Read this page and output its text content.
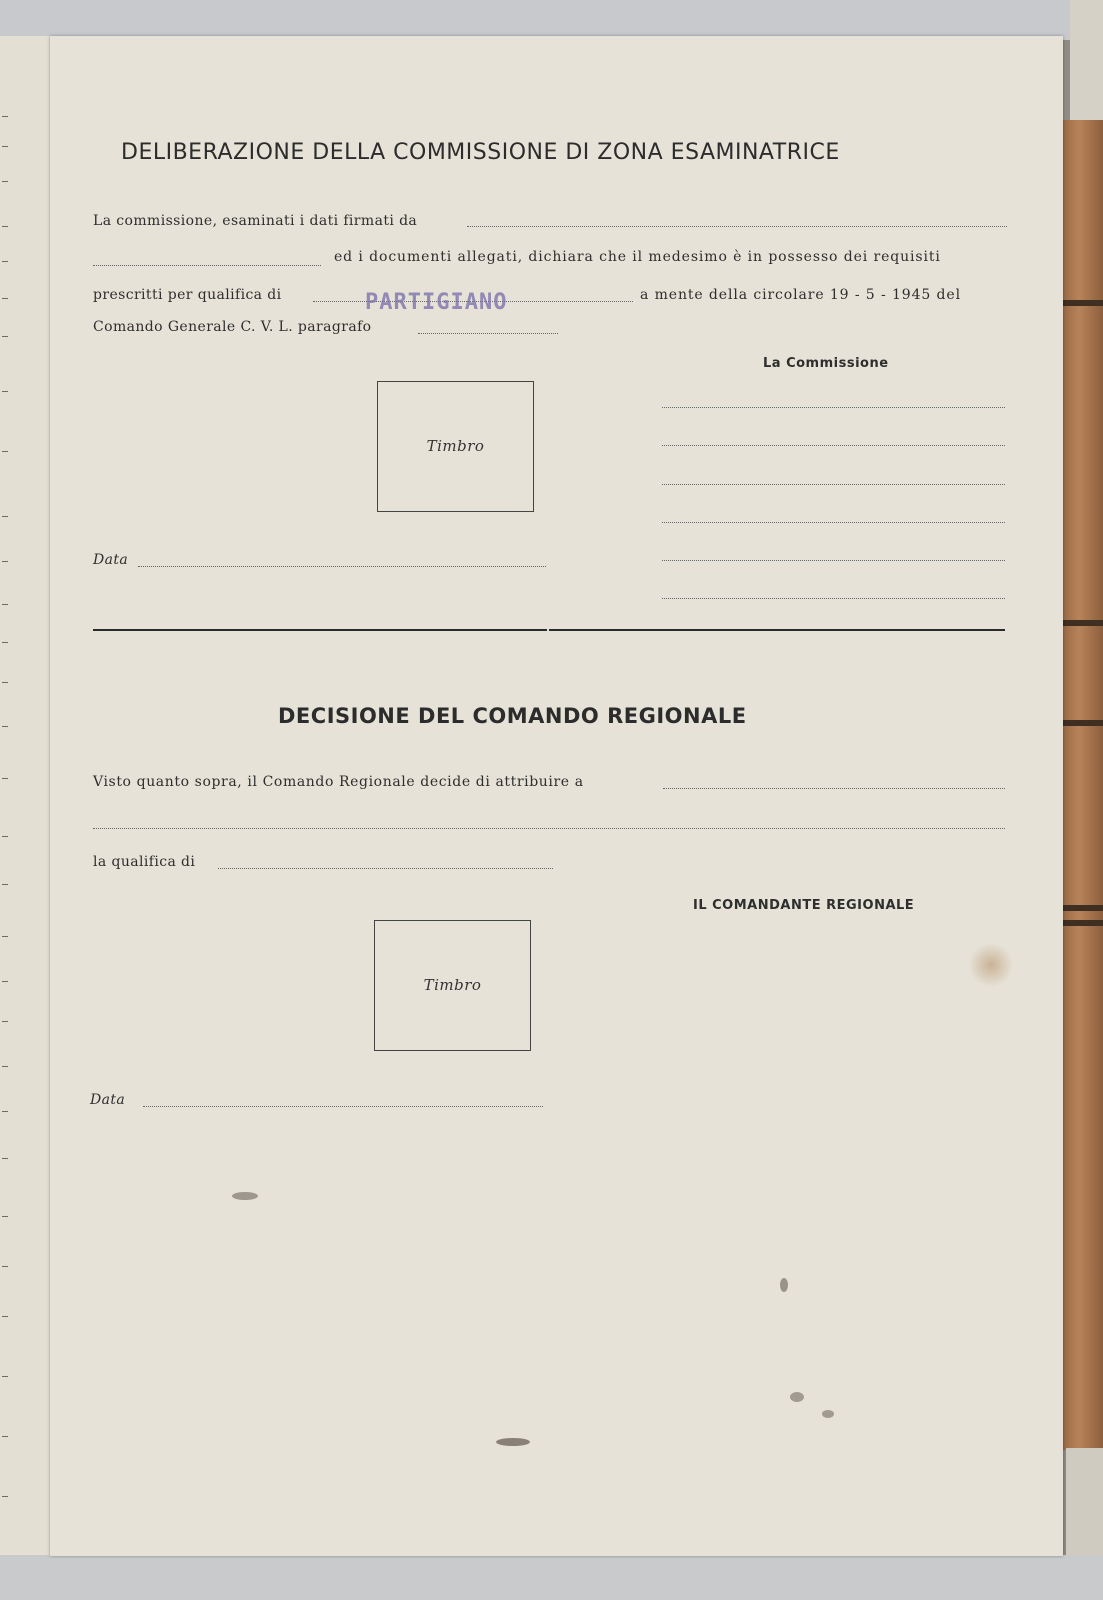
DELIBERAZIONE DELLA COMMISSIONE DI ZONA ESAMINATRICE
La commissione, esaminati i dati firmati da
ed i documenti allegati, dichiara che il medesimo è in possesso dei requisiti
prescritti per qualifica di	a mente della circolare 19 - 5 - 1945 del
Comando Generale C. V. L. paragrafo
PARTIGIANO
La Commissione
Timbro
Data
DECISIONE DEL COMANDO REGIONALE
Visto quanto sopra, il Comando Regionale decide di attribuire a
la qualifica di
IL COMANDANTE REGIONALE
Timbro
Data
